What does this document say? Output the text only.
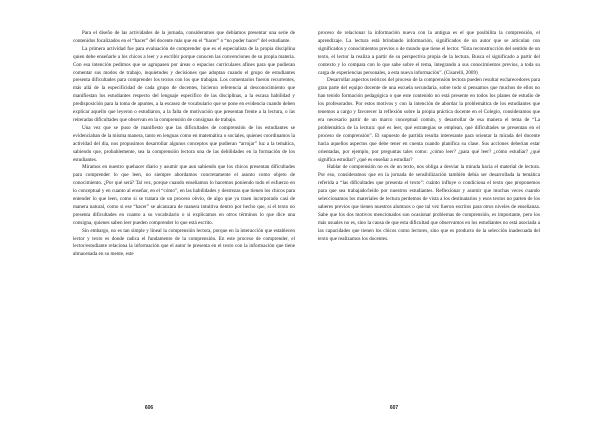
Para el diseño de las actividades de la jornada, consideramos que debíamos presentar una serie de contenidos focalizados en el “hacer” del docente más que en el “hacer” o “no poder hacer” del estudiante.

La primera actividad fue para evaluación de comprender que es el especialista de la propia disciplina quien debe enseñarle a los chicos a leer y a escribir porque conocen las convenciones de su propia materia. Con esa intención pedimos que se agrupasen por áreas o espacios curriculares afines para que pudieran comentar sus modos de trabajo, inquietudes y decisiones que adoptan cuando el grupo de estudiantes presenta dificultades para comprender los textos con los que trabajan. Los comentarios fueron recurrentes, más allá de la especificidad de cada grupo de docentes, hicieron referencia al desconocimiento que manifiestan los estudiantes respecto del lenguaje específico de las disciplinas, a la escasa habilidad y predisposición para la toma de apuntes, a la escasez de vocabulario que se pone en evidencia cuando deben explicar aquello que leyeron o estudiaron, a la falta de motivación que presentan frente a la lectura, o las reiteradas dificultades que observan en la comprensión de consignas de trabajo.

Una vez que se puso de manifiesto que las dificultades de comprensión de los estudiantes se evidenciaban de la misma manera, tanto en lenguas como en matemática o sociales, quienes coordinamos la actividad del día, nos propusimos desarrollar algunos conceptos que pudieran “arrojar” luz a la temática, sabiendo que, probablemente, sea la comprensión lectora una de las debilidades en la formación de los estudiantes.

Miramos en nuestro quehacer diario y asumir que aun sabiendo que los chicos presentan dificultades para comprender lo que leen, no siempre abordamos concretamente el asunto como objeto de conocimiento. ¿Por qué será? Tal vez, porque cuando enseñamos lo hacemos poniendo todo el esfuerzo en lo conceptual y en cuanto al enseñar, en el “cómo”, en las habilidades y destrezas que tienen los chicos para entender lo que leen, como si se tratara de un proceso obvio, de algo que ya traen incorporado casi de manera natural, como si ese “hacer” se alcanzara de manera intuitiva dentro por hecho que, si el texto no presenta dificultades en cuanto a su vocabulario o si explicamos en otros términos lo que dice una consigna, quienes saben leer pueden comprender lo que está escrito.

Sin embargo, no es tan simple y lineal la comprensión lectora, porque en la interacción que establecen lector y texto es donde radica el fundamento de la comprensión. En este proceso de comprender, el lector/estudiante relaciona la información que el autor le presenta en el texto con la información que tiene almacenada en su mente, este

606

proceso de relacionar la información nueva con la antigua es el que posibilita la comprensión, el aprendizaje. La lectura está brindando información, significados de un autor que se articulan con significados y conocimientos previos o de mundo que tiene el lector. “Esta reconstrucción del sentido de un texto, el lector la realiza a partir de su perspectiva propia de la lectura. Busca el significado a partir del contexto y lo compara con lo que sabe sobre el tema, integrando a sus conocimientos previos, a toda su carga de experiencias personales, a esta nueva información”. (Cisarelli, 2009)

Desarrollar aspectos teóricos del proceso de la comprensión lectora pueden resultar esclarecedores para gran parte del equipo docente de una escuela secundaria, sobre todo si pensamos que muchos de ellos no han tenido formación pedagógica o que este contenido no está presente en todos los planes de estudio de los profesorados. Por estos motivos y con la intención de abordar la problemática de los estudiantes que tenemos a cargo y favorecer la reflexión sobre la propia práctica docente en el Colegio, consideramos que era necesario partir de un marco conceptual común, y desarrollar de esa manera el tema de “La problemática de la lectura: qué es leer, qué estrategias se emplean, qué dificultades se presentan en el proceso de comprensión”. El supuesto de partida resulta interesante para orientar la mirada del docente hacia aquellos aspectos que debe tener en cuenta cuando planifica su clase. Sus acciones deberían estar orientadas, por ejemplo, por preguntas tales como: ¿cómo leer? ¿para qué leer? ¿cómo estudiar? ¿qué significa estudiar? ¿qué es enseñar a estudiar?

Hablar de comprensión no es de un texto, nos obliga a desviar la mirada hacia el material de lectura. Por eso, consideramos que en la jornada de sensibilización también debía ser desarrollada la temática referida a “las dificultades que presenta el texto”: cuánto influye o condiciona el texto que proponemos para que sea trabajado/leído por nuestros estudiantes. Reflexionar y asumir que muchas veces cuando seleccionamos los materiales de lectura perdemos de vista a los destinatarios y esos textos no parten de los saberes previos que tienen nuestros alumnos o que tal vez fueron escritos para otros niveles de enseñanza. Sabe que los dos motivos mencionados son ocasionar problemas de comprensión, es importante, pero los más usuales no es, sino la causa de que esta dificultad que observamos en los estudiantes no está asociada a las capacidades que tienen los chicos como lectores, sino que es producto de la selección inadecuada del texto que realizamos los docentes.

607
